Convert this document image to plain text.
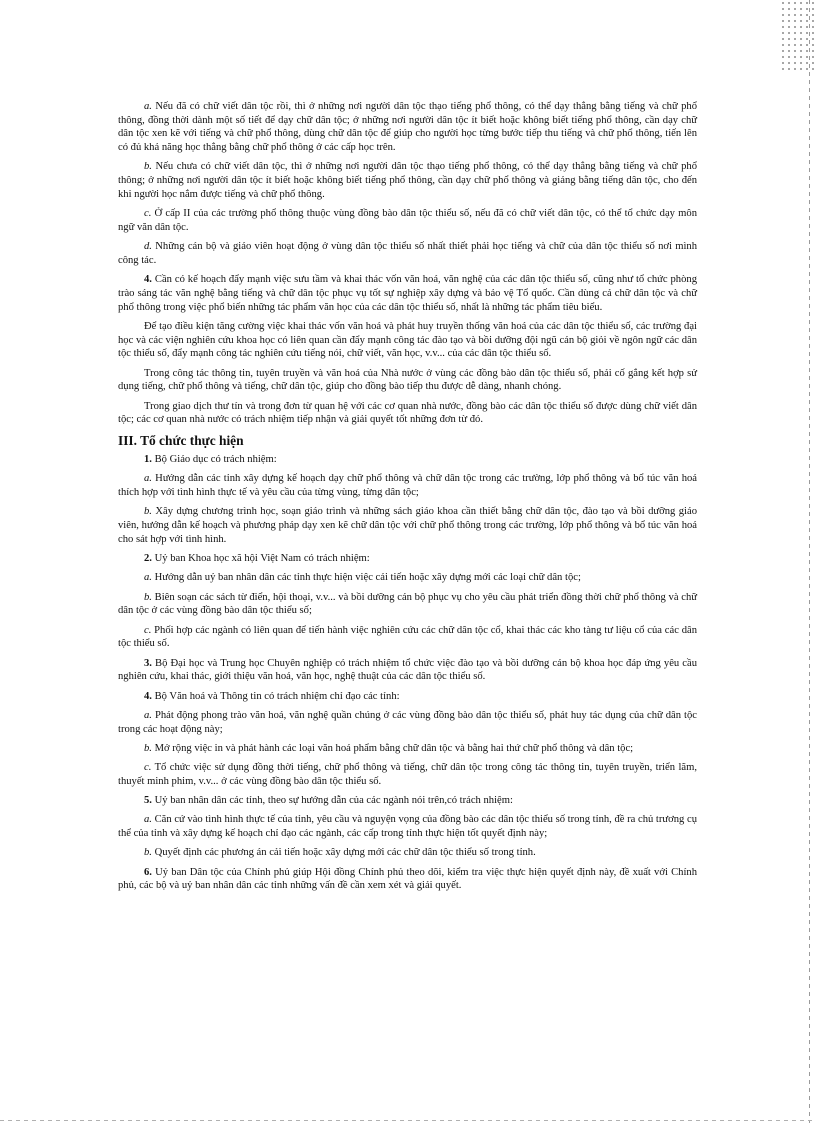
a. Nếu đã có chữ viết dân tộc rồi, thì ở những nơi người dân tộc thạo tiếng phổ thông, có thể dạy thẳng bằng tiếng và chữ phổ thông, đồng thời dành một số tiết để dạy chữ dân tộc; ở những nơi người dân tộc ít biết hoặc không biết tiếng phổ thông, cần dạy chữ dân tộc xen kẽ với tiếng và chữ phổ thông, dùng chữ dân tộc để giúp cho người học từng bước tiếp thu tiếng và chữ phổ thông, tiến lên có đủ khả năng học thẳng bằng chữ phổ thông ở các cấp học trên.

b. Nếu chưa có chữ viết dân tộc, thì ở những nơi người dân tộc thạo tiếng phổ thông, có thể dạy thẳng bằng tiếng và chữ phổ thông; ở những nơi người dân tộc ít biết hoặc không biết tiếng phổ thông, cần dạy chữ phổ thông và giảng bằng tiếng dân tộc, cho đến khi người học nắm được tiếng và chữ phổ thông.

c. Ở cấp II của các trường phổ thông thuộc vùng đồng bào dân tộc thiểu số, nếu đã có chữ viết dân tộc, có thể tổ chức dạy môn ngữ văn dân tộc.

d. Những cán bộ và giáo viên hoạt động ở vùng dân tộc thiểu số nhất thiết phải học tiếng và chữ của dân tộc thiểu số nơi mình công tác.

4. Cần có kế hoạch đẩy mạnh việc sưu tầm và khai thác vốn văn hoá, văn nghệ của các dân tộc thiểu số, cũng như tổ chức phòng trào sáng tác văn nghệ bằng tiếng và chữ dân tộc phục vụ tốt sự nghiệp xây dựng và bảo vệ Tổ quốc. Cần dùng cả chữ dân tộc và chữ phổ thông trong việc phổ biến những tác phẩm văn học của các dân tộc thiểu số, nhất là những tác phẩm tiêu biểu.

Để tạo điều kiện tăng cường việc khai thác vốn văn hoá và phát huy truyền thống văn hoá của các dân tộc thiểu số, các trường đại học và các viện nghiên cứu khoa học có liên quan cần đẩy mạnh công tác đào tạo và bồi dưỡng đội ngũ cán bộ giỏi về ngôn ngữ các dân tộc thiểu số, đẩy mạnh công tác nghiên cứu tiếng nói, chữ viết, văn học, v.v... của các dân tộc thiểu số.

Trong công tác thông tin, tuyên truyền và văn hoá của Nhà nước ở vùng các đồng bào dân tộc thiểu số, phải cố gắng kết hợp sử dụng tiếng, chữ phổ thông và tiếng, chữ dân tộc, giúp cho đồng bào tiếp thu được dễ dàng, nhanh chóng.

Trong giao dịch thư tín và trong đơn từ quan hệ với các cơ quan nhà nước, đồng bào các dân tộc thiểu số được dùng chữ viết dân tộc; các cơ quan nhà nước có trách nhiệm tiếp nhận và giải quyết tốt những đơn từ đó.

III. Tổ chức thực hiện

1. Bộ Giáo dục có trách nhiệm:

a. Hướng dẫn các tỉnh xây dựng kế hoạch dạy chữ phổ thông và chữ dân tộc trong các trường, lớp phổ thông và bổ túc văn hoá thích hợp với tình hình thực tế và yêu cầu của từng vùng, từng dân tộc;

b. Xây dựng chương trình học, soạn giáo trình và những sách giáo khoa cần thiết bằng chữ dân tộc, đào tạo và bồi dưỡng giáo viên, hướng dẫn kế hoạch và phương pháp dạy xen kẽ chữ dân tộc với chữ phổ thông trong các trường, lớp phổ thông và bổ túc văn hoá cho sát hợp với tình hình.

2. Uỷ ban Khoa học xã hội Việt Nam có trách nhiệm:

a. Hướng dẫn uỷ ban nhân dân các tỉnh thực hiện việc cải tiến hoặc xây dựng mới các loại chữ dân tộc;

b. Biên soạn các sách từ điển, hội thoại, v.v... và bồi dưỡng cán bộ phục vụ cho yêu cầu phát triển đồng thời chữ phổ thông và chữ dân tộc ở các vùng đồng bào dân tộc thiểu số;

c. Phối hợp các ngành có liên quan để tiến hành việc nghiên cứu các chữ dân tộc cổ, khai thác các kho tàng tư liệu cổ của các dân tộc thiểu số.

3. Bộ Đại học và Trung học Chuyên nghiệp có trách nhiệm tổ chức việc đào tạo và bồi dưỡng cán bộ khoa học đáp ứng yêu cầu nghiên cứu, khai thác, giới thiệu văn hoá, văn học, nghệ thuật của các dân tộc thiểu số.

4. Bộ Văn hoá và Thông tin có trách nhiệm chỉ đạo các tỉnh:

a. Phát động phong trào văn hoá, văn nghệ quần chúng ở các vùng đồng bào dân tộc thiểu số, phát huy tác dụng của chữ dân tộc trong các hoạt động này;

b. Mở rộng việc in và phát hành các loại văn hoá phẩm bằng chữ dân tộc và bằng hai thứ chữ phổ thông và dân tộc;

c. Tổ chức việc sử dụng đồng thời tiếng, chữ phổ thông và tiếng, chữ dân tộc trong công tác thông tin, tuyên truyền, triển lãm, thuyết minh phim, v.v... ở các vùng đồng bào dân tộc thiểu số.

5. Uỷ ban nhân dân các tỉnh, theo sự hướng dẫn của các ngành nói trên,có trách nhiệm:

a. Căn cứ vào tình hình thực tế của tỉnh, yêu cầu và nguyện vọng của đồng bào các dân tộc thiểu số trong tỉnh, đề ra chủ trương cụ thể của tỉnh và xây dựng kế hoạch chỉ đạo các ngành, các cấp trong tỉnh thực hiện tốt quyết định này;

b. Quyết định các phương án cải tiến hoặc xây dựng mới các chữ dân tộc thiểu số trong tỉnh.

6. Uỷ ban Dân tộc của Chính phủ giúp Hội đồng Chính phủ theo dõi, kiểm tra việc thực hiện quyết định này, đề xuất với Chính phủ, các bộ và uỷ ban nhân dân các tỉnh những vấn đề cần xem xét và giải quyết.
